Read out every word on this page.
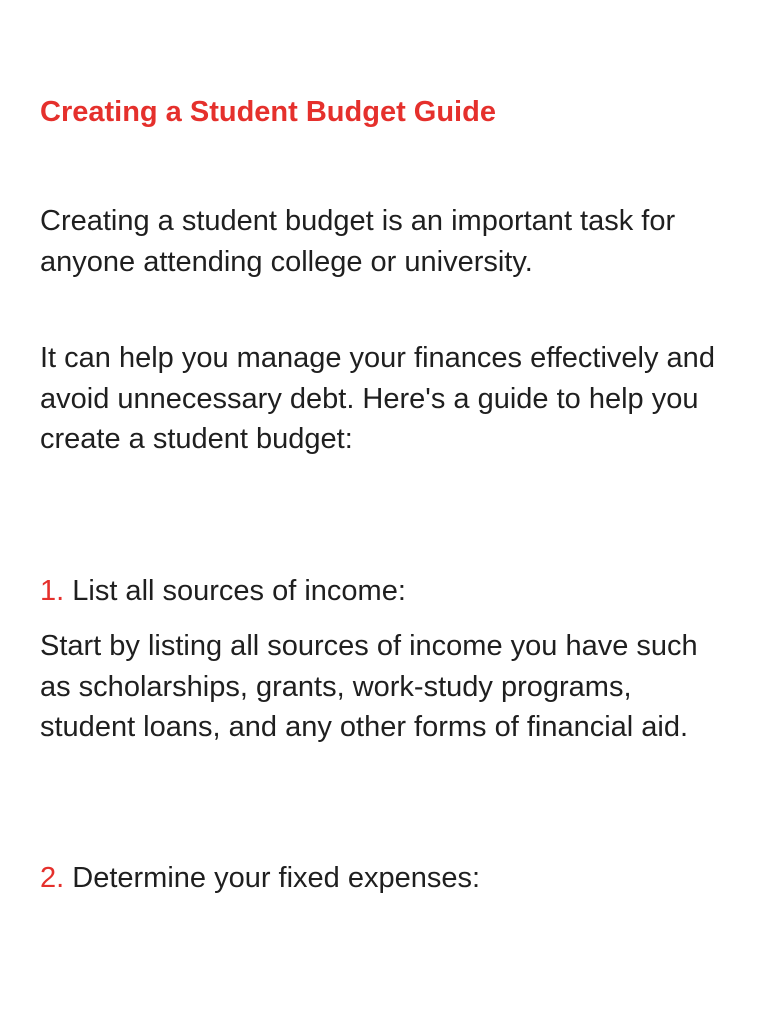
Creating a Student Budget Guide

Creating a student budget is an important task for anyone attending college or university.

It can help you manage your finances effectively and avoid unnecessary debt. Here's a guide to help you create a student budget:

1. List all sources of income:

Start by listing all sources of income you have such as scholarships, grants, work-study programs, student loans, and any other forms of financial aid.

2. Determine your fixed expenses:
